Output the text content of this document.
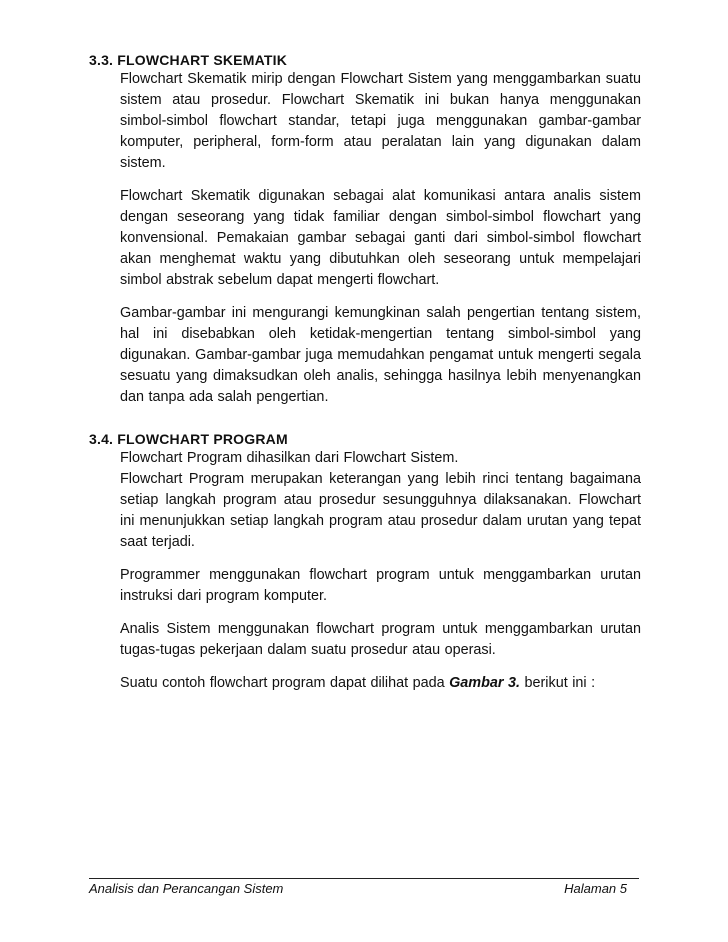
3.3. FLOWCHART SKEMATIK

Flowchart Skematik mirip dengan Flowchart Sistem yang menggambarkan suatu sistem atau prosedur. Flowchart Skematik ini bukan hanya menggunakan simbol-simbol flowchart standar, tetapi juga menggunakan gambar-gambar komputer, peripheral, form-form atau peralatan lain yang digunakan dalam sistem.

Flowchart Skematik digunakan sebagai alat komunikasi antara analis sistem dengan seseorang yang tidak familiar dengan simbol-simbol flowchart yang konvensional. Pemakaian gambar sebagai ganti dari simbol-simbol flowchart akan menghemat waktu yang dibutuhkan oleh seseorang untuk mempelajari simbol abstrak sebelum dapat mengerti flowchart.

Gambar-gambar ini mengurangi kemungkinan salah pengertian tentang sistem, hal ini disebabkan oleh ketidak-mengertian tentang simbol-simbol yang digunakan. Gambar-gambar juga memudahkan pengamat untuk mengerti segala sesuatu yang dimaksudkan oleh analis, sehingga hasilnya lebih menyenangkan dan tanpa ada salah pengertian.

3.4. FLOWCHART PROGRAM

Flowchart Program dihasilkan dari Flowchart Sistem.

Flowchart Program merupakan keterangan yang lebih rinci tentang bagaimana setiap langkah program atau prosedur sesungguhnya dilaksanakan. Flowchart ini menunjukkan setiap langkah program atau prosedur dalam urutan yang tepat saat terjadi.

Programmer menggunakan flowchart program untuk menggambarkan urutan instruksi dari program komputer.

Analis Sistem menggunakan flowchart program untuk menggambarkan urutan tugas-tugas pekerjaan dalam suatu prosedur atau operasi.

Suatu contoh flowchart program dapat dilihat pada Gambar 3. berikut ini :

Analisis dan Perancangan Sistem	Halaman 5
